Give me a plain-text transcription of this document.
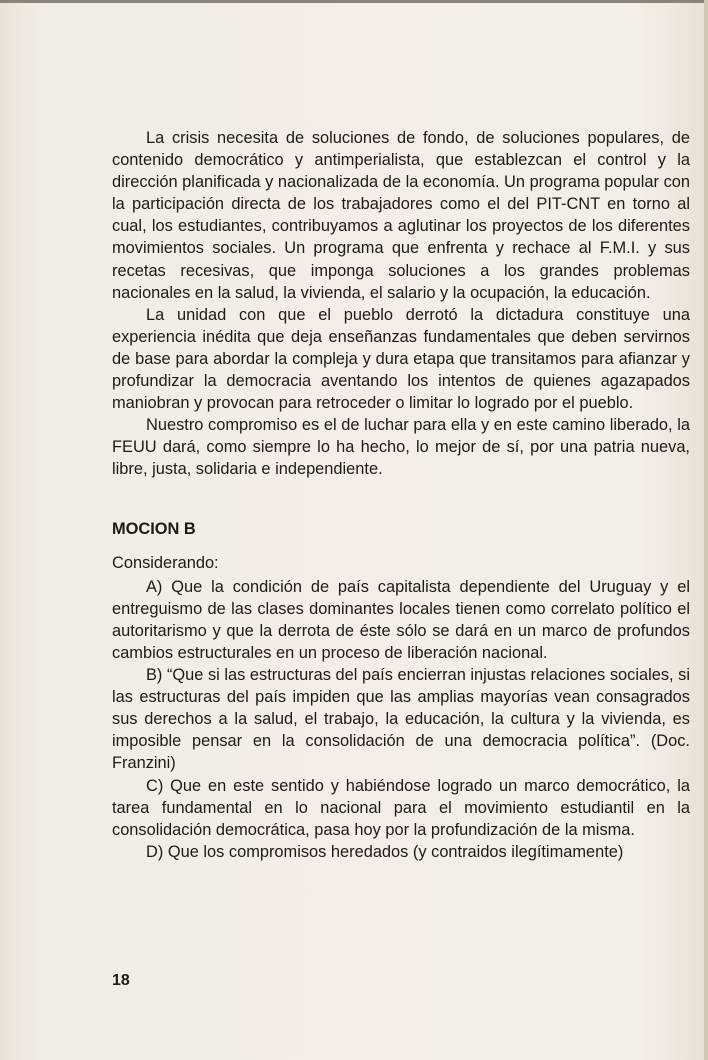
La crisis necesita de soluciones de fondo, de soluciones populares, de contenido democrático y antimperialista, que establezcan el control y la dirección planificada y nacionalizada de la economía. Un programa popular con la participación directa de los trabajadores como el del PIT-CNT en torno al cual, los estudiantes, contribuyamos a aglutinar los proyectos de los diferentes movimientos sociales. Un programa que enfrenta y rechace al F.M.I. y sus recetas recesivas, que imponga soluciones a los grandes problemas nacionales en la salud, la vivienda, el salario y la ocupación, la educación.

La unidad con que el pueblo derrotó la dictadura constituye una experiencia inédita que deja enseñanzas fundamentales que deben servirnos de base para abordar la compleja y dura etapa que transitamos para afianzar y profundizar la democracia aventando los intentos de quienes agazapados maniobran y provocan para retroceder o limitar lo logrado por el pueblo.

Nuestro compromiso es el de luchar para ella y en este camino liberado, la FEUU dará, como siempre lo ha hecho, lo mejor de sí, por una patria nueva, libre, justa, solidaria e independiente.

MOCION B

Considerando:

A) Que la condición de país capitalista dependiente del Uruguay y el entreguismo de las clases dominantes locales tienen como correlato político el autoritarismo y que la derrota de éste sólo se dará en un marco de profundos cambios estructurales en un proceso de liberación nacional.

B) “Que si las estructuras del país encierran injustas relaciones sociales, si las estructuras del país impiden que las amplias mayorías vean consagrados sus derechos a la salud, el trabajo, la educación, la cultura y la vivienda, es imposible pensar en la consolidación de una democracia política”. (Doc. Franzini)

C) Que en este sentido y habiéndose logrado un marco democrático, la tarea fundamental en lo nacional para el movimiento estudiantil en la consolidación democrática, pasa hoy por la profundización de la misma.

D) Que los compromisos heredados (y contraidos ilegítimamente)

18
